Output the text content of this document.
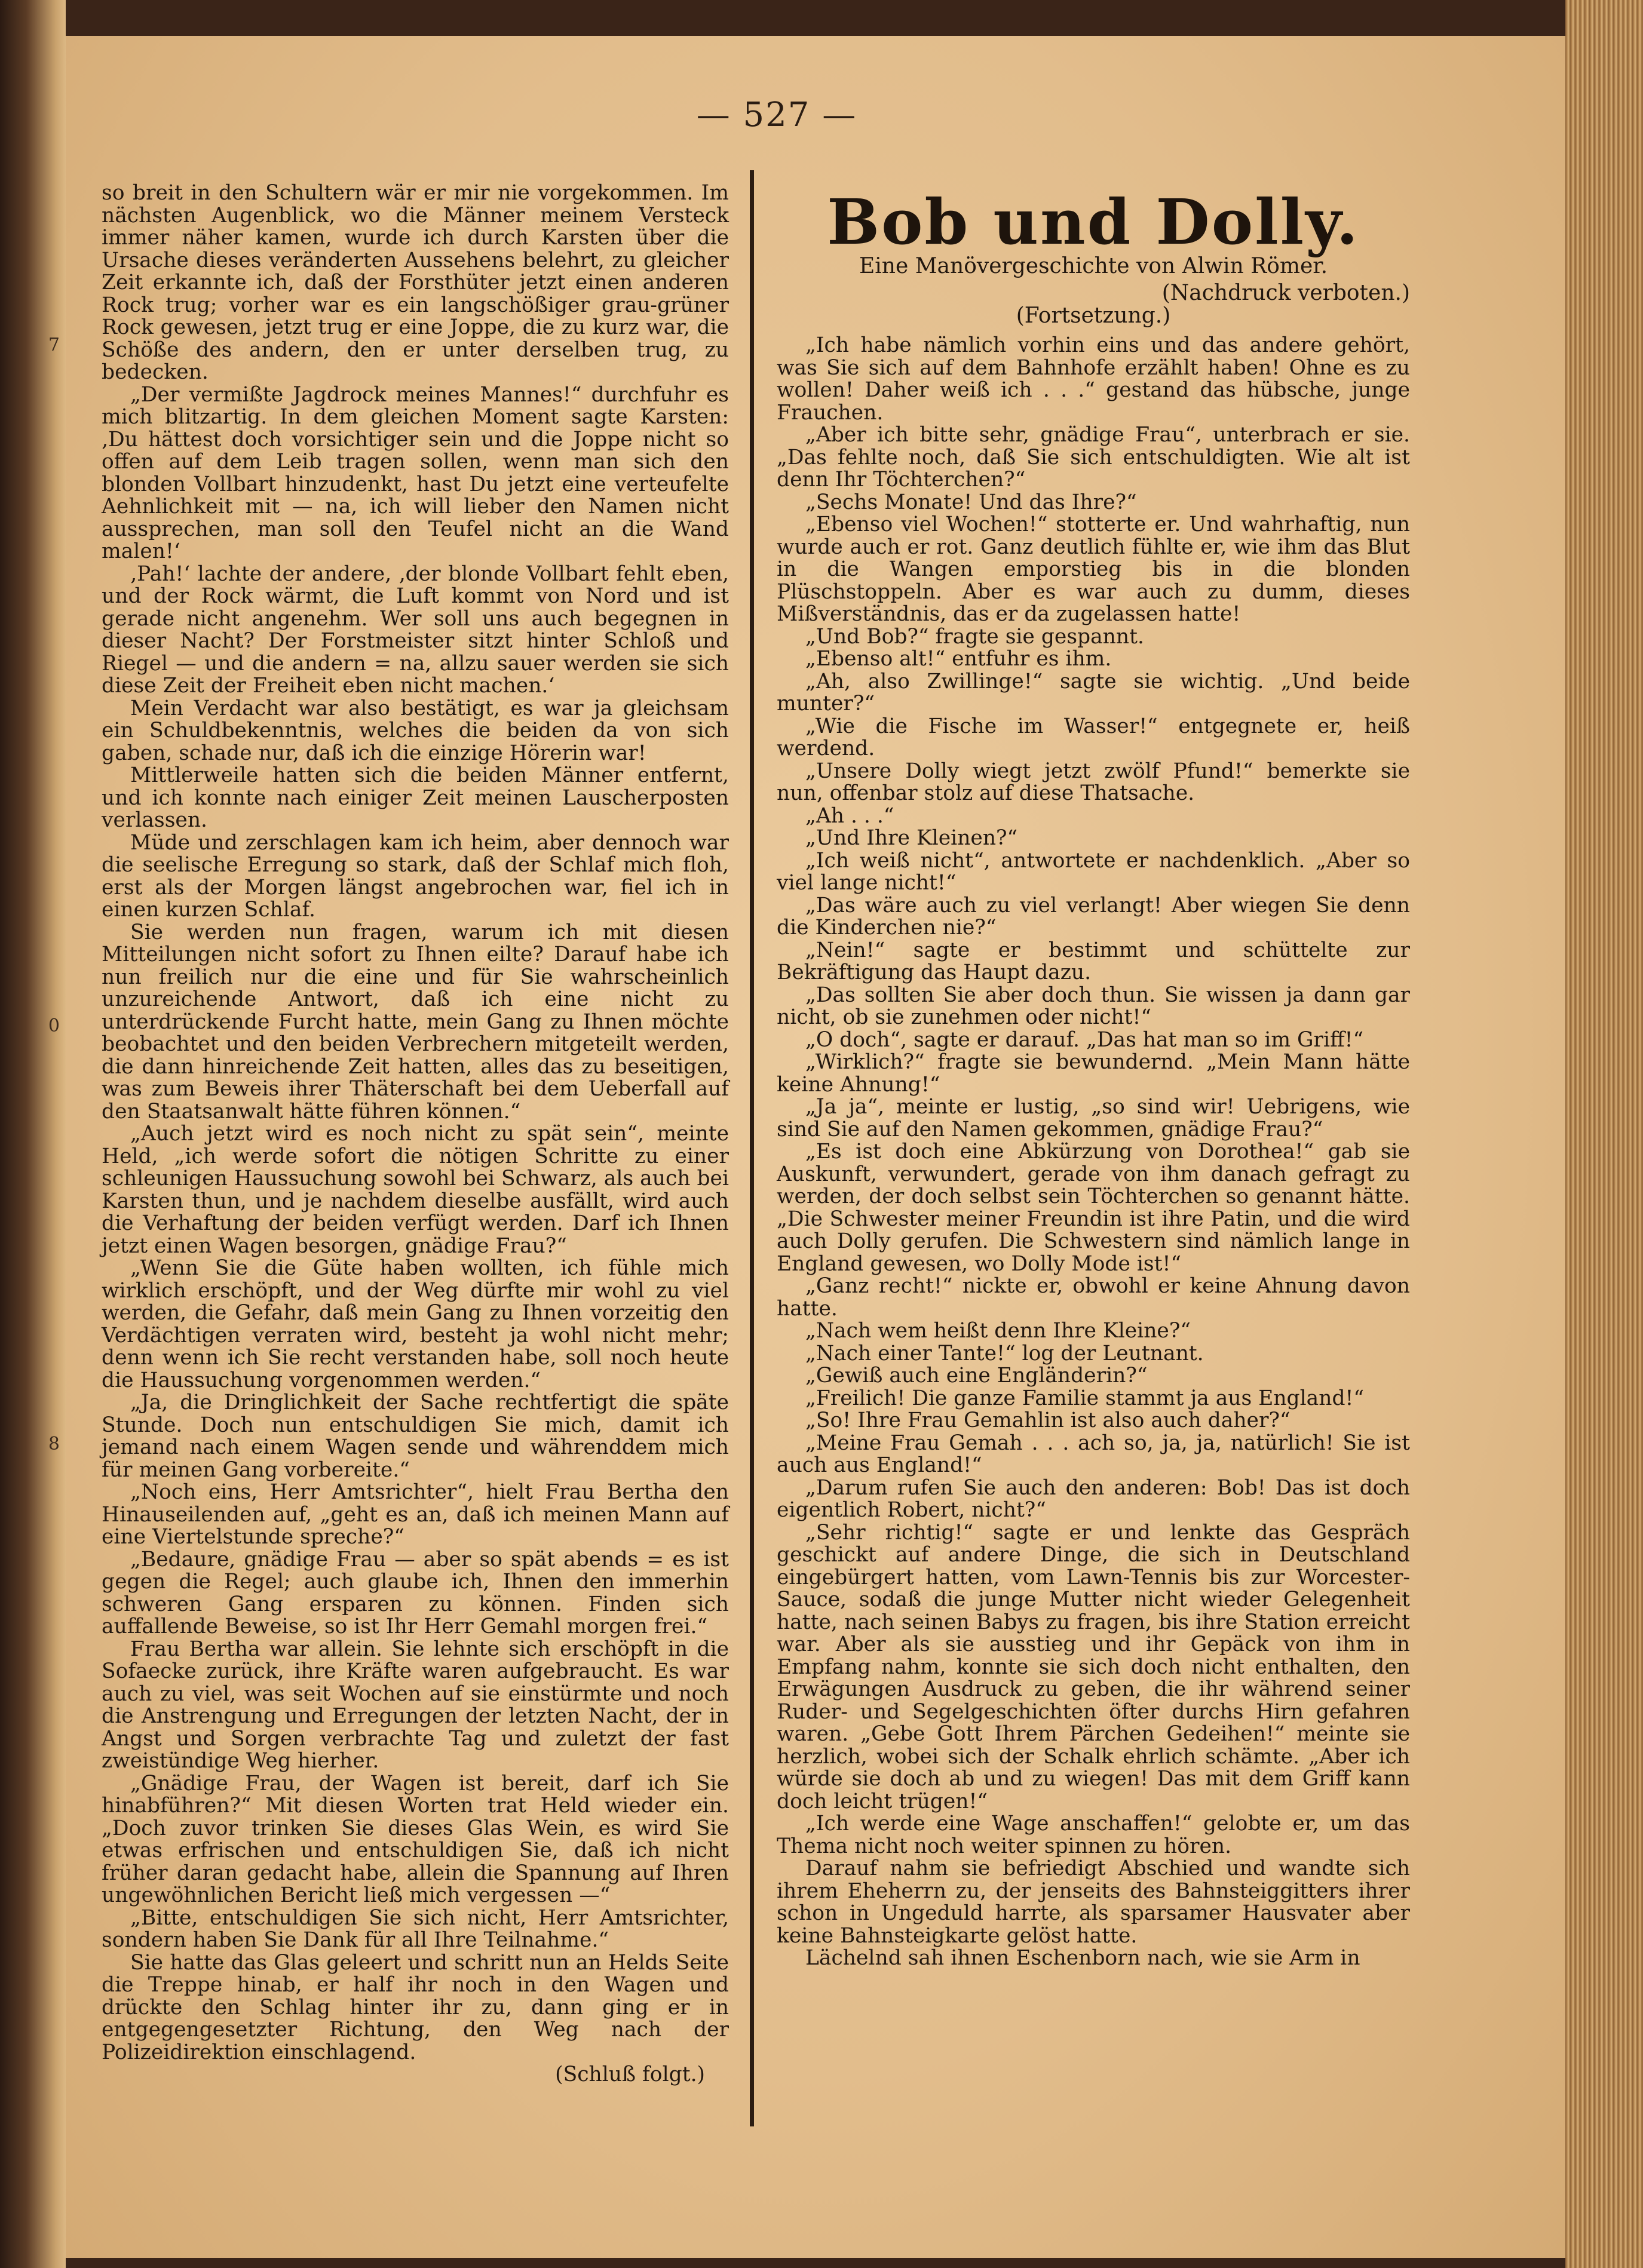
7
0
8
— 527 —

so breit in den Schultern wär er mir nie vorgekommen. Im nächsten Augenblick, wo die Männer meinem Versteck immer näher kamen, wurde ich durch Karsten über die Ursache dieses veränderten Aussehens belehrt, zu gleicher Zeit erkannte ich, daß der Forsthüter jetzt einen anderen Rock trug; vorher war es ein langschößiger grau-grüner Rock gewesen, jetzt trug er eine Joppe, die zu kurz war, die Schöße des andern, den er unter derselben trug, zu bedecken.

„Der vermißte Jagdrock meines Mannes!“ durchfuhr es mich blitzartig. In dem gleichen Moment sagte Karsten: ‚Du hättest doch vorsichtiger sein und die Joppe nicht so offen auf dem Leib tragen sollen, wenn man sich den blonden Vollbart hinzudenkt, hast Du jetzt eine verteufelte Aehnlichkeit mit — na, ich will lieber den Namen nicht aussprechen, man soll den Teufel nicht an die Wand malen!‘

‚Pah!‘ lachte der andere, ‚der blonde Vollbart fehlt eben, und der Rock wärmt, die Luft kommt von Nord und ist gerade nicht angenehm. Wer soll uns auch begegnen in dieser Nacht? Der Forstmeister sitzt hinter Schloß und Riegel — und die andern = na, allzu sauer werden sie sich diese Zeit der Freiheit eben nicht machen.‘

Mein Verdacht war also bestätigt, es war ja gleichsam ein Schuldbekenntnis, welches die beiden da von sich gaben, schade nur, daß ich die einzige Hörerin war!

Mittlerweile hatten sich die beiden Männer entfernt, und ich konnte nach einiger Zeit meinen Lauscherposten verlassen.

Müde und zerschlagen kam ich heim, aber dennoch war die seelische Erregung so stark, daß der Schlaf mich floh, erst als der Morgen längst angebrochen war, fiel ich in einen kurzen Schlaf.

Sie werden nun fragen, warum ich mit diesen Mitteilungen nicht sofort zu Ihnen eilte? Darauf habe ich nun freilich nur die eine und für Sie wahrscheinlich unzureichende Antwort, daß ich eine nicht zu unterdrückende Furcht hatte, mein Gang zu Ihnen möchte beobachtet und den beiden Verbrechern mitgeteilt werden, die dann hinreichende Zeit hatten, alles das zu beseitigen, was zum Beweis ihrer Thäterschaft bei dem Ueberfall auf den Staatsanwalt hätte führen können.“

„Auch jetzt wird es noch nicht zu spät sein“, meinte Held, „ich werde sofort die nötigen Schritte zu einer schleunigen Haussuchung sowohl bei Schwarz, als auch bei Karsten thun, und je nachdem dieselbe ausfällt, wird auch die Verhaftung der beiden verfügt werden. Darf ich Ihnen jetzt einen Wagen besorgen, gnädige Frau?“

„Wenn Sie die Güte haben wollten, ich fühle mich wirklich erschöpft, und der Weg dürfte mir wohl zu viel werden, die Gefahr, daß mein Gang zu Ihnen vorzeitig den Verdächtigen verraten wird, besteht ja wohl nicht mehr; denn wenn ich Sie recht verstanden habe, soll noch heute die Haussuchung vorgenommen werden.“

„Ja, die Dringlichkeit der Sache rechtfertigt die späte Stunde. Doch nun entschuldigen Sie mich, damit ich jemand nach einem Wagen sende und währenddem mich für meinen Gang vorbereite.“

„Noch eins, Herr Amtsrichter“, hielt Frau Bertha den Hinauseilenden auf, „geht es an, daß ich meinen Mann auf eine Viertelstunde spreche?“

„Bedaure, gnädige Frau — aber so spät abends = es ist gegen die Regel; auch glaube ich, Ihnen den immerhin schweren Gang ersparen zu können. Finden sich auffallende Beweise, so ist Ihr Herr Gemahl morgen frei.“

Frau Bertha war allein. Sie lehnte sich erschöpft in die Sofaecke zurück, ihre Kräfte waren aufgebraucht. Es war auch zu viel, was seit Wochen auf sie einstürmte und noch die Anstrengung und Erregungen der letzten Nacht, der in Angst und Sorgen verbrachte Tag und zuletzt der fast zweistündige Weg hierher.

„Gnädige Frau, der Wagen ist bereit, darf ich Sie hinabführen?“ Mit diesen Worten trat Held wieder ein. „Doch zuvor trinken Sie dieses Glas Wein, es wird Sie etwas erfrischen und entschuldigen Sie, daß ich nicht früher daran gedacht habe, allein die Spannung auf Ihren ungewöhnlichen Bericht ließ mich vergessen —“

„Bitte, entschuldigen Sie sich nicht, Herr Amtsrichter, sondern haben Sie Dank für all Ihre Teilnahme.“

Sie hatte das Glas geleert und schritt nun an Helds Seite die Treppe hinab, er half ihr noch in den Wagen und drückte den Schlag hinter ihr zu, dann ging er in entgegengesetzter Richtung, den Weg nach der Polizeidirektion einschlagend.

(Schluß folgt.)

Bob und Dolly.
Eine Manövergeschichte von Alwin Römer.
(Nachdruck verboten.)
(Fortsetzung.)

„Ich habe nämlich vorhin eins und das andere gehört, was Sie sich auf dem Bahnhofe erzählt haben! Ohne es zu wollen! Daher weiß ich . . .“ gestand das hübsche, junge Frauchen.

„Aber ich bitte sehr, gnädige Frau“, unterbrach er sie. „Das fehlte noch, daß Sie sich entschuldigten. Wie alt ist denn Ihr Töchterchen?“

„Sechs Monate! Und das Ihre?“

„Ebenso viel Wochen!“ stotterte er. Und wahrhaftig, nun wurde auch er rot. Ganz deutlich fühlte er, wie ihm das Blut in die Wangen emporstieg bis in die blonden Plüschstoppeln. Aber es war auch zu dumm, dieses Mißverständnis, das er da zugelassen hatte!

„Und Bob?“ fragte sie gespannt.

„Ebenso alt!“ entfuhr es ihm.

„Ah, also Zwillinge!“ sagte sie wichtig. „Und beide munter?“

„Wie die Fische im Wasser!“ entgegnete er, heiß werdend.

„Unsere Dolly wiegt jetzt zwölf Pfund!“ bemerkte sie nun, offenbar stolz auf diese Thatsache.

„Ah . . .“

„Und Ihre Kleinen?“

„Ich weiß nicht“, antwortete er nachdenklich. „Aber so viel lange nicht!“

„Das wäre auch zu viel verlangt! Aber wiegen Sie denn die Kinderchen nie?“

„Nein!“ sagte er bestimmt und schüttelte zur Bekräftigung das Haupt dazu.

„Das sollten Sie aber doch thun. Sie wissen ja dann gar nicht, ob sie zunehmen oder nicht!“

„O doch“, sagte er darauf. „Das hat man so im Griff!“

„Wirklich?“ fragte sie bewundernd. „Mein Mann hätte keine Ahnung!“

„Ja ja“, meinte er lustig, „so sind wir! Uebrigens, wie sind Sie auf den Namen gekommen, gnädige Frau?“

„Es ist doch eine Abkürzung von Dorothea!“ gab sie Auskunft, verwundert, gerade von ihm danach gefragt zu werden, der doch selbst sein Töchterchen so genannt hätte. „Die Schwester meiner Freundin ist ihre Patin, und die wird auch Dolly gerufen. Die Schwestern sind nämlich lange in England gewesen, wo Dolly Mode ist!“

„Ganz recht!“ nickte er, obwohl er keine Ahnung davon hatte.

„Nach wem heißt denn Ihre Kleine?“

„Nach einer Tante!“ log der Leutnant.

„Gewiß auch eine Engländerin?“

„Freilich! Die ganze Familie stammt ja aus England!“

„So! Ihre Frau Gemahlin ist also auch daher?“

„Meine Frau Gemah . . . ach so, ja, ja, natürlich! Sie ist auch aus England!“

„Darum rufen Sie auch den anderen: Bob! Das ist doch eigentlich Robert, nicht?“

„Sehr richtig!“ sagte er und lenkte das Gespräch geschickt auf andere Dinge, die sich in Deutschland eingebürgert hatten, vom Lawn-Tennis bis zur Worcester-Sauce, sodaß die junge Mutter nicht wieder Gelegenheit hatte, nach seinen Babys zu fragen, bis ihre Station erreicht war. Aber als sie ausstieg und ihr Gepäck von ihm in Empfang nahm, konnte sie sich doch nicht enthalten, den Erwägungen Ausdruck zu geben, die ihr während seiner Ruder- und Segelgeschichten öfter durchs Hirn gefahren waren. „Gebe Gott Ihrem Pärchen Gedeihen!“ meinte sie herzlich, wobei sich der Schalk ehrlich schämte. „Aber ich würde sie doch ab und zu wiegen! Das mit dem Griff kann doch leicht trügen!“

„Ich werde eine Wage anschaffen!“ gelobte er, um das Thema nicht noch weiter spinnen zu hören.

Darauf nahm sie befriedigt Abschied und wandte sich ihrem Eheherrn zu, der jenseits des Bahnsteiggitters ihrer schon in Ungeduld harrte, als sparsamer Hausvater aber keine Bahnsteigkarte gelöst hatte.

Lächelnd sah ihnen Eschenborn nach, wie sie Arm in
